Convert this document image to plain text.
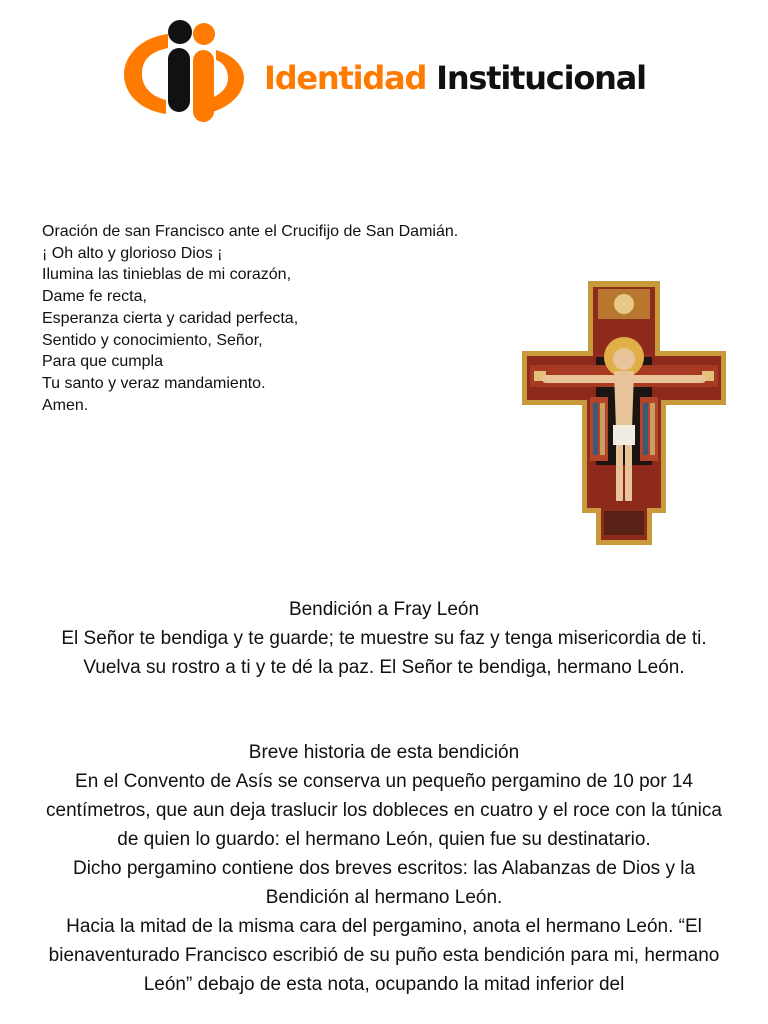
Identidad Institucional
Oración de san Francisco ante el Crucifijo de San Damián.
¡ Oh alto y glorioso Dios ¡
Ilumina las tinieblas de mi corazón,
Dame fe recta,
Esperanza cierta y caridad perfecta,
Sentido y conocimiento, Señor,
Para que cumpla
Tu santo y veraz mandamiento.
Amen.

Bendición a Fray León

El Señor te bendiga y te guarde; te muestre su faz y tenga misericordia de ti.

Vuelva su rostro a ti y te dé la paz. El Señor te bendiga, hermano León.

Breve historia de esta bendición

En el Convento de Asís se conserva un pequeño pergamino de 10 por 14 centímetros, que aun deja traslucir los dobleces en cuatro y el roce con la túnica de quien lo guardo: el hermano León, quien fue su destinatario.

Dicho pergamino contiene dos breves escritos: las Alabanzas de Dios y la Bendición al hermano León.

Hacia la mitad de la misma cara del pergamino, anota el hermano León. “El bienaventurado Francisco escribió de su puño esta bendición para mi, hermano León” debajo de esta nota, ocupando la mitad inferior del
